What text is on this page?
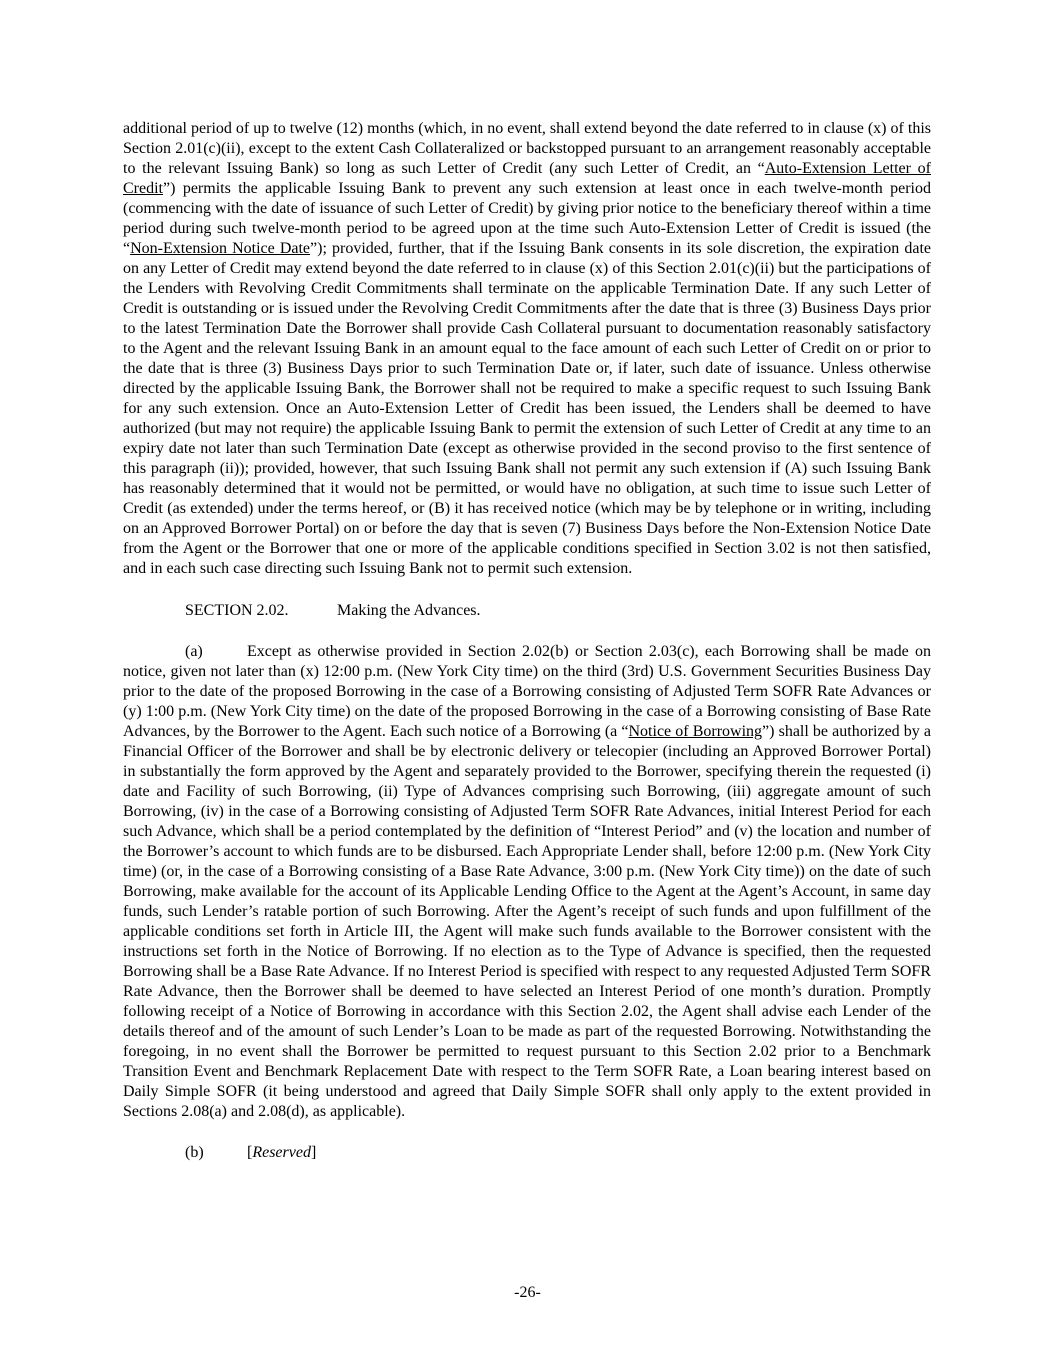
additional period of up to twelve (12) months (which, in no event, shall extend beyond the date referred to in clause (x) of this Section 2.01(c)(ii), except to the extent Cash Collateralized or backstopped pursuant to an arrangement reasonably acceptable to the relevant Issuing Bank) so long as such Letter of Credit (any such Letter of Credit, an “Auto-Extension Letter of Credit”) permits the applicable Issuing Bank to prevent any such extension at least once in each twelve-month period (commencing with the date of issuance of such Letter of Credit) by giving prior notice to the beneficiary thereof within a time period during such twelve-month period to be agreed upon at the time such Auto-Extension Letter of Credit is issued (the “Non-Extension Notice Date”); provided, further, that if the Issuing Bank consents in its sole discretion, the expiration date on any Letter of Credit may extend beyond the date referred to in clause (x) of this Section 2.01(c)(ii) but the participations of the Lenders with Revolving Credit Commitments shall terminate on the applicable Termination Date. If any such Letter of Credit is outstanding or is issued under the Revolving Credit Commitments after the date that is three (3) Business Days prior to the latest Termination Date the Borrower shall provide Cash Collateral pursuant to documentation reasonably satisfactory to the Agent and the relevant Issuing Bank in an amount equal to the face amount of each such Letter of Credit on or prior to the date that is three (3) Business Days prior to such Termination Date or, if later, such date of issuance. Unless otherwise directed by the applicable Issuing Bank, the Borrower shall not be required to make a specific request to such Issuing Bank for any such extension. Once an Auto-Extension Letter of Credit has been issued, the Lenders shall be deemed to have authorized (but may not require) the applicable Issuing Bank to permit the extension of such Letter of Credit at any time to an expiry date not later than such Termination Date (except as otherwise provided in the second proviso to the first sentence of this paragraph (ii)); provided, however, that such Issuing Bank shall not permit any such extension if (A) such Issuing Bank has reasonably determined that it would not be permitted, or would have no obligation, at such time to issue such Letter of Credit (as extended) under the terms hereof, or (B) it has received notice (which may be by telephone or in writing, including on an Approved Borrower Portal) on or before the day that is seven (7) Business Days before the Non-Extension Notice Date from the Agent or the Borrower that one or more of the applicable conditions specified in Section 3.02 is not then satisfied, and in each such case directing such Issuing Bank not to permit such extension.

SECTION 2.02.	Making the Advances.

(a)	Except as otherwise provided in Section 2.02(b) or Section 2.03(c), each Borrowing shall be made on notice, given not later than (x) 12:00 p.m. (New York City time) on the third (3rd) U.S. Government Securities Business Day prior to the date of the proposed Borrowing in the case of a Borrowing consisting of Adjusted Term SOFR Rate Advances or (y) 1:00 p.m. (New York City time) on the date of the proposed Borrowing in the case of a Borrowing consisting of Base Rate Advances, by the Borrower to the Agent. Each such notice of a Borrowing (a “Notice of Borrowing”) shall be authorized by a Financial Officer of the Borrower and shall be by electronic delivery or telecopier (including an Approved Borrower Portal) in substantially the form approved by the Agent and separately provided to the Borrower, specifying therein the requested (i) date and Facility of such Borrowing, (ii) Type of Advances comprising such Borrowing, (iii) aggregate amount of such Borrowing, (iv) in the case of a Borrowing consisting of Adjusted Term SOFR Rate Advances, initial Interest Period for each such Advance, which shall be a period contemplated by the definition of “Interest Period” and (v) the location and number of the Borrower’s account to which funds are to be disbursed. Each Appropriate Lender shall, before 12:00 p.m. (New York City time) (or, in the case of a Borrowing consisting of a Base Rate Advance, 3:00 p.m. (New York City time)) on the date of such Borrowing, make available for the account of its Applicable Lending Office to the Agent at the Agent’s Account, in same day funds, such Lender’s ratable portion of such Borrowing. After the Agent’s receipt of such funds and upon fulfillment of the applicable conditions set forth in Article III, the Agent will make such funds available to the Borrower consistent with the instructions set forth in the Notice of Borrowing. If no election as to the Type of Advance is specified, then the requested Borrowing shall be a Base Rate Advance. If no Interest Period is specified with respect to any requested Adjusted Term SOFR Rate Advance, then the Borrower shall be deemed to have selected an Interest Period of one month’s duration. Promptly following receipt of a Notice of Borrowing in accordance with this Section 2.02, the Agent shall advise each Lender of the details thereof and of the amount of such Lender’s Loan to be made as part of the requested Borrowing. Notwithstanding the foregoing, in no event shall the Borrower be permitted to request pursuant to this Section 2.02 prior to a Benchmark Transition Event and Benchmark Replacement Date with respect to the Term SOFR Rate, a Loan bearing interest based on Daily Simple SOFR (it being understood and agreed that Daily Simple SOFR shall only apply to the extent provided in Sections 2.08(a) and 2.08(d), as applicable).

(b)	[Reserved]

-26-
